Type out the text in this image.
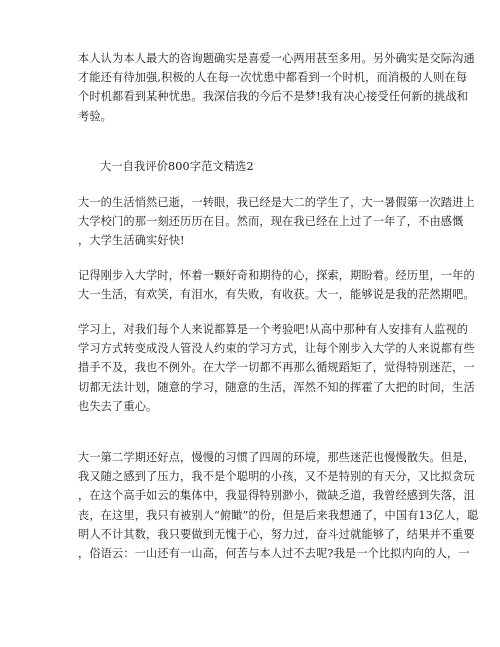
本人认为本人最大的咨询题确实是喜爱一心两用甚至多用。另外确实是交际沟通
才能还有待加强,积极的人在每一次忧患中都看到一个时机，而消极的人则在每
个时机都看到某种忧患。我深信我的今后不是梦!我有决心接受任何新的挑战和
考验。

大一自我评价800字范文精选2

大一的生活悄然已逝，一转眼，我已经是大二的学生了，大一暑假第一次踏进上
大学校门的那一刻还历历在目。然而，现在我已经在上过了一年了，不由感慨
，大学生活确实好快!

记得刚步入大学时，怀着一颗好奇和期待的心，探索，期盼着。经历里，一年的
大一生活，有欢笑，有泪水，有失败，有收获。大一，能够说是我的茫然期吧。

学习上，对我们每个人来说都算是一个考验吧!从高中那种有人安排有人监视的
学习方式转变成没人管没人约束的学习方式，让每个刚步入大学的人来说都有些
措手不及，我也不例外。在大学一切都不再那么循规蹈矩了，觉得特别迷茫，一
切都无法计划，随意的学习，随意的生活，浑然不知的挥霍了大把的时间，生活
也失去了重心。

大一第二学期还好点，慢慢的习惯了四周的环境，那些迷茫也慢慢散失。但是，
我又随之感到了压力，我不是个聪明的小孩，又不是特别的有天分，又比拟贪玩
，在这个高手如云的集体中，我显得特别渺小，微缺乏道，我曾经感到失落，沮
丧，在这里，我只有被别人“俯瞰”的份，但是后来我想通了，中国有13亿人，聪
明人不计其数，我只要做到无愧于心，努力过，奋斗过就能够了，结果并不重要
，俗语云：一山还有一山高，何苦与本人过不去呢?我是一个比拟内向的人，一
